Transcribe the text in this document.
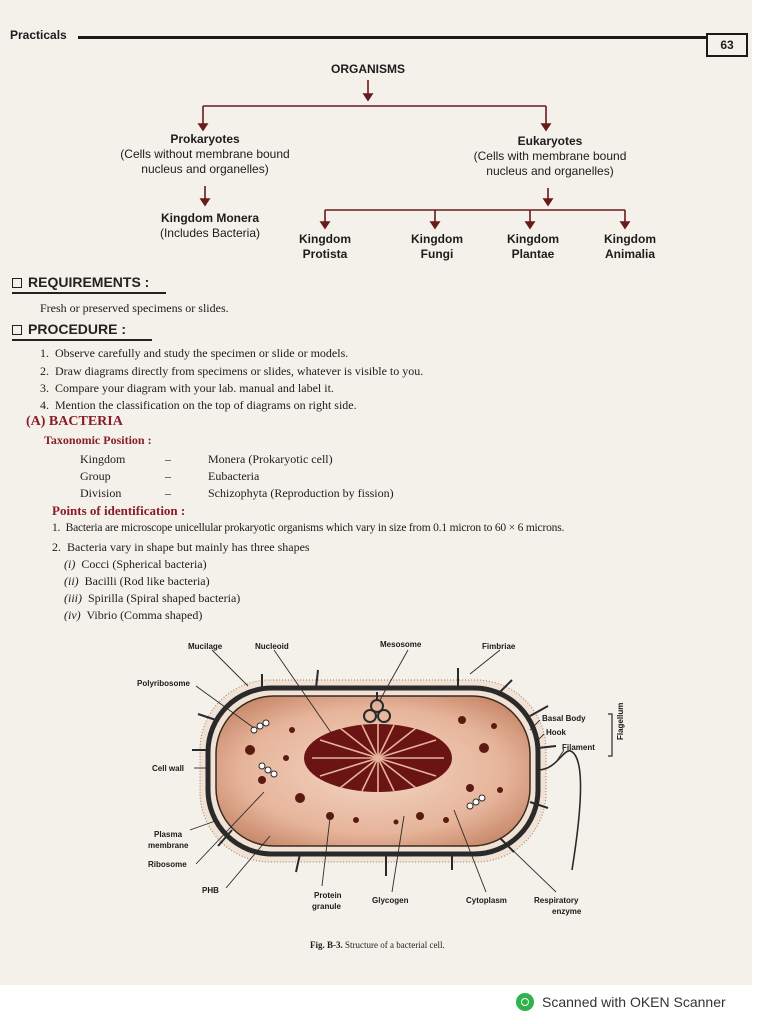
Practicals
63
ORGANISMS
Prokaryotes
(Cells without membrane bound
nucleus and organelles)
Eukaryotes
(Cells with membrane bound
nucleus and organelles)
Kingdom Monera
(Includes Bacteria)	Kingdom
Protista
Kingdom
Fungi
Kingdom
Plantae
Kingdom
Animalia
REQUIREMENTS :
Fresh or preserved specimens or slides.
PROCEDURE :
1. Observe carefully and study the specimen or slide or models.
2. Draw diagrams directly from specimens or slides, whatever is visible to you.
3. Compare your diagram with your lab. manual and label it.
4. Mention the classification on the top of diagrams on right side.
(A) BACTERIA
Taxonomic Position :
Kingdom	–	Monera (Prokaryotic cell)
Group	–	Eubacteria
Division	–	Schizophyta (Reproduction by fission)
Points of identification :
1. Bacteria are microscope unicellular prokaryotic organisms which vary in size from 0.1 micron to 60 × 6 microns.
2. Bacteria vary in shape but mainly has three shapes
(i) Cocci (Spherical bacteria)
(ii) Bacilli (Rod like bacteria)
(iii) Spirilla (Spiral shaped bacteria)
(iv) Vibrio (Comma shaped)
Mucilage	Nucleoid	Mesosome	Fimbriae
Polyribosome
Basal Body
Hook
Filament
Flagellum
Cell wall
Plasma
membrane
Ribosome
PHB
Protein
granule
Glycogen	Cytoplasm	Respiratory
enzyme
Fig. B-3. Structure of a bacterial cell.
Scanned with OKEN Scanner
